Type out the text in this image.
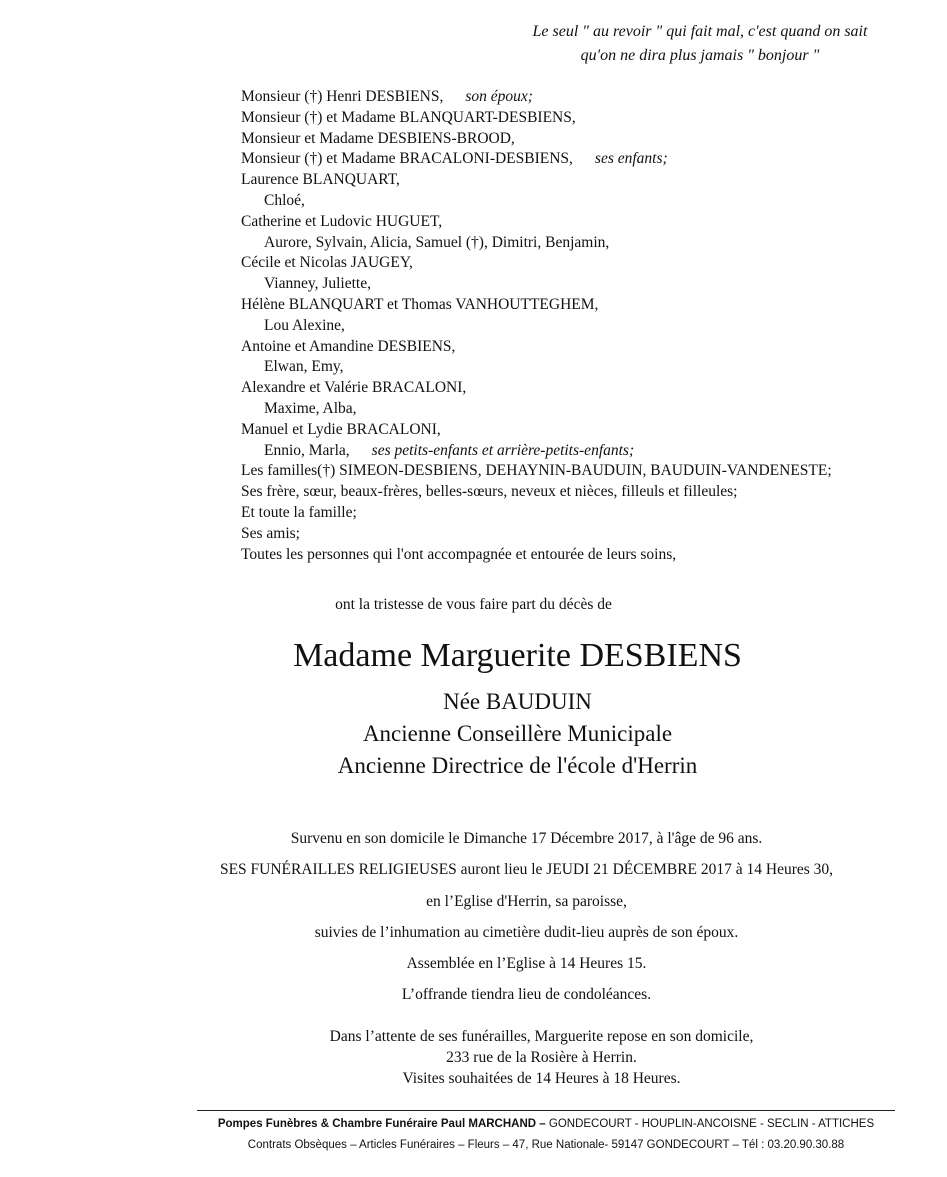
Le seul " au revoir " qui fait mal, c'est quand on sait
qu'on ne dira plus jamais " bonjour "
Monsieur (†) Henri DESBIENS, son époux;
Monsieur (†) et Madame BLANQUART-DESBIENS,
Monsieur et Madame DESBIENS-BROOD,
Monsieur (†) et Madame BRACALONI-DESBIENS, ses enfants;
Laurence BLANQUART,
Chloé,
Catherine et Ludovic HUGUET,
Aurore, Sylvain, Alicia, Samuel (†), Dimitri, Benjamin,
Cécile et Nicolas JAUGEY,
Vianney, Juliette,
Hélène BLANQUART et Thomas VANHOUTTEGHEM,
Lou Alexine,
Antoine et Amandine DESBIENS,
Elwan, Emy,
Alexandre et Valérie BRACALONI,
Maxime, Alba,
Manuel et Lydie BRACALONI,
Ennio, Marla, ses petits-enfants et arrière-petits-enfants;
Les familles(†) SIMEON-DESBIENS, DEHAYNIN-BAUDUIN, BAUDUIN-VANDENESTE;
Ses frère, sœur, beaux-frères, belles-sœurs, neveux et nièces, filleuls et filleules;
Et toute la famille;
Ses amis;
Toutes les personnes qui l'ont accompagnée et entourée de leurs soins,
ont la tristesse de vous faire part du décès de
Madame Marguerite DESBIENS
Née BAUDUIN
Ancienne Conseillère Municipale
Ancienne Directrice de l'école d'Herrin
Survenu en son domicile le Dimanche 17 Décembre 2017, à l'âge de 96 ans.
SES FUNÉRAILLES RELIGIEUSES auront lieu le JEUDI 21 DÉCEMBRE 2017 à 14 Heures 30,
en l’Eglise d'Herrin, sa paroisse,
suivies de l’inhumation au cimetière dudit-lieu auprès de son époux.
Assemblée en l’Eglise à 14 Heures 15.
L’offrande tiendra lieu de condoléances.
Dans l’attente de ses funérailles, Marguerite repose en son domicile,
233 rue de la Rosière à Herrin.
Visites souhaitées de 14 Heures à 18 Heures.
Pompes Funèbres & Chambre Funéraire Paul MARCHAND – GONDECOURT - HOUPLIN-ANCOISNE - SECLIN - ATTICHES
Contrats Obsèques – Articles Funéraires – Fleurs – 47, Rue Nationale- 59147 GONDECOURT – Tél : 03.20.90.30.88
